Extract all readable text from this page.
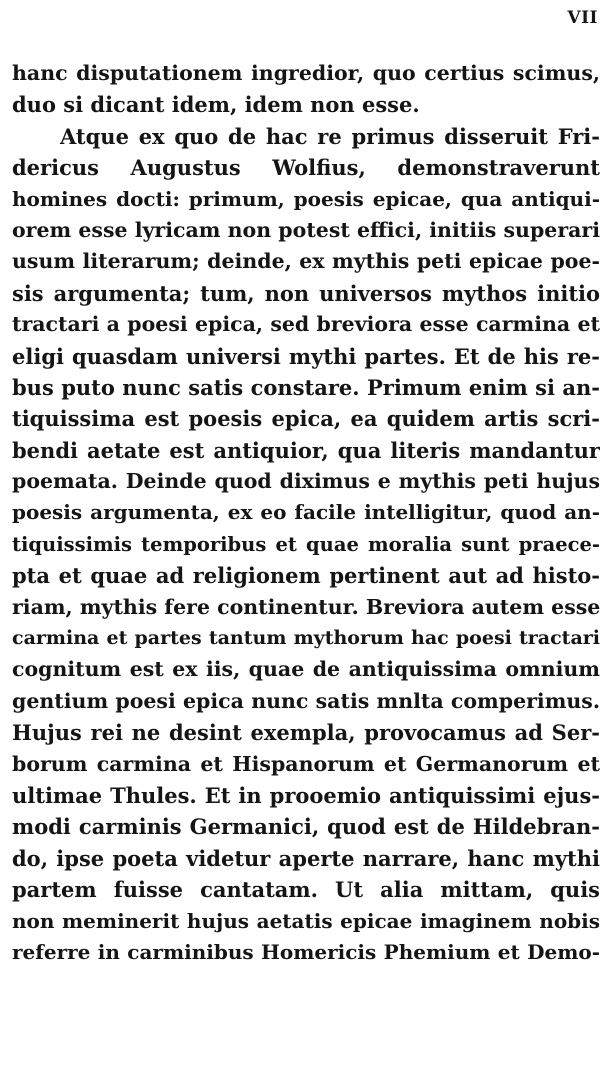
VII
hanc disputationem ingredior, quo certius scimus,
duo si dicant idem, idem non esse.
Atque ex quo de hac re primus disseruit Fri-
dericus Augustus Wolfius, demonstraverunt
homines docti: primum, poesis epicae, qua antiqui-
orem esse lyricam non potest effici, initiis superari
usum literarum; deinde, ex mythis peti epicae poe-
sis argumenta; tum, non universos mythos initio
tractari a poesi epica, sed breviora esse carmina et
eligi quasdam universi mythi partes. Et de his re-
bus puto nunc satis constare. Primum enim si an-
tiquissima est poesis epica, ea quidem artis scri-
bendi aetate est antiquior, qua literis mandantur
poemata. Deinde quod diximus e mythis peti hujus
poesis argumenta, ex eo facile intelligitur, quod an-
tiquissimis temporibus et quae moralia sunt praece-
pta et quae ad religionem pertinent aut ad histo-
riam, mythis fere continentur. Breviora autem esse
carmina et partes tantum mythorum hac poesi tractari
cognitum est ex iis, quae de antiquissima omnium
gentium poesi epica nunc satis mnlta comperimus.
Hujus rei ne desint exempla, provocamus ad Ser-
borum carmina et Hispanorum et Germanorum et
ultimae Thules. Et in prooemio antiquissimi ejus-
modi carminis Germanici, quod est de Hildebran-
do, ipse poeta videtur aperte narrare, hanc mythi
partem fuisse cantatam. Ut alia mittam, quis
non meminerit hujus aetatis epicae imaginem nobis
referre in carminibus Homericis Phemium et Demo-
